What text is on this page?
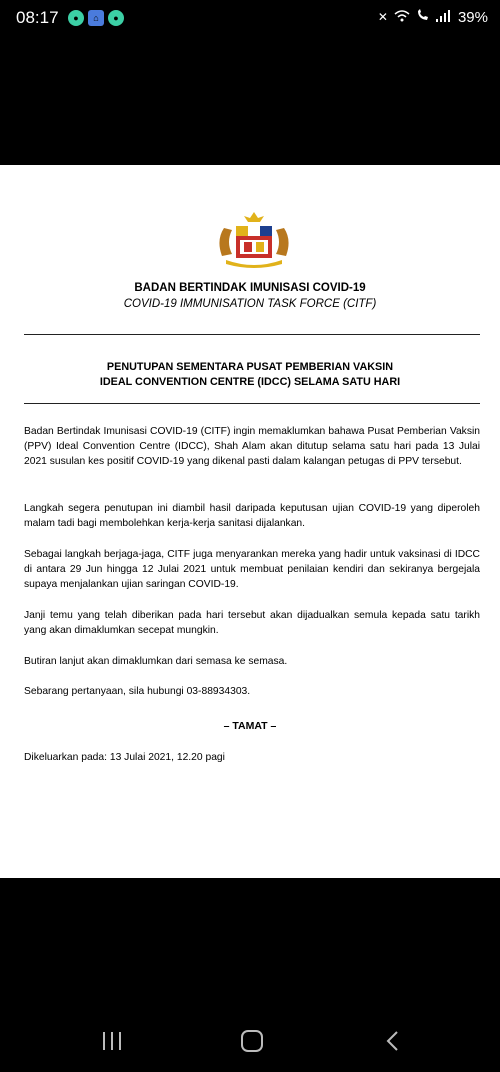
08:17	●	⌂	●	✕	39%
BADAN BERTINDAK IMUNISASI COVID-19
COVID-19 IMMUNISATION TASK FORCE (CITF)
PENUTUPAN SEMENTARA PUSAT PEMBERIAN VAKSIN
IDEAL CONVENTION CENTRE (IDCC) SELAMA SATU HARI

Badan Bertindak Imunisasi COVID-19 (CITF) ingin memaklumkan bahawa Pusat Pemberian Vaksin (PPV) Ideal Convention Centre (IDCC), Shah Alam akan ditutup selama satu hari pada 13 Julai 2021 susulan kes positif COVID-19 yang dikenal pasti dalam kalangan petugas di PPV tersebut.

Langkah segera penutupan ini diambil hasil daripada keputusan ujian COVID-19 yang diperoleh malam tadi bagi membolehkan kerja-kerja sanitasi dijalankan.

Sebagai langkah berjaga-jaga, CITF juga menyarankan mereka yang hadir untuk vaksinasi di IDCC di antara 29 Jun hingga 12 Julai 2021 untuk membuat penilaian kendiri dan sekiranya bergejala supaya menjalankan ujian saringan COVID-19.

Janji temu yang telah diberikan pada hari tersebut akan dijadualkan semula kepada satu tarikh yang akan dimaklumkan secepat mungkin.

Butiran lanjut akan dimaklumkan dari semasa ke semasa.

Sebarang pertanyaan, sila hubungi 03-88934303.

– TAMAT –

Dikeluarkan pada: 13 Julai 2021, 12.20 pagi
